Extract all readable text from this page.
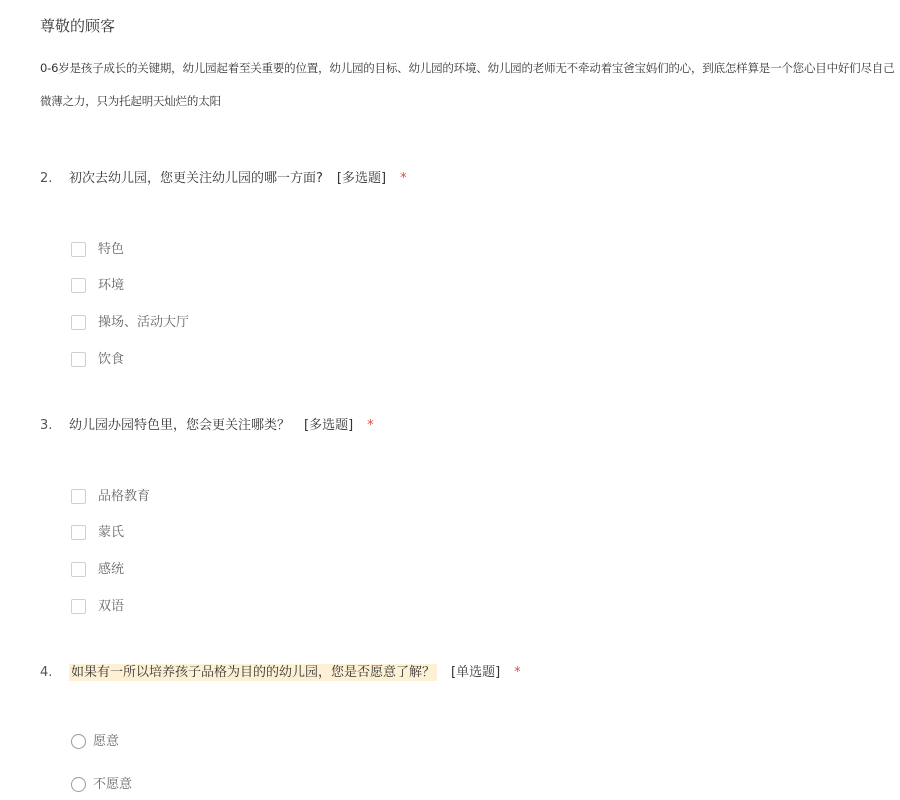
尊敬的顾客
0-6岁是孩子成长的关键期，幼儿园起着至关重要的位置，幼儿园的目标、幼儿园的环境、幼儿园的老师无不牵动着宝爸宝妈们的心，到底怎样算是一个您心目中好们尽自己微薄之力，只为托起明天灿烂的太阳
2. 初次去幼儿园，您更关注幼儿园的哪一方面? [多选题] *
特色
环境
操场、活动大厅
饮食
3. 幼儿园办园特色里，您会更关注哪类？ [多选题] *
品格教育
蒙氏
感统
双语
4. 如果有一所以培养孩子品格为目的的幼儿园，您是否愿意了解？ [单选题] *
愿意
不愿意
